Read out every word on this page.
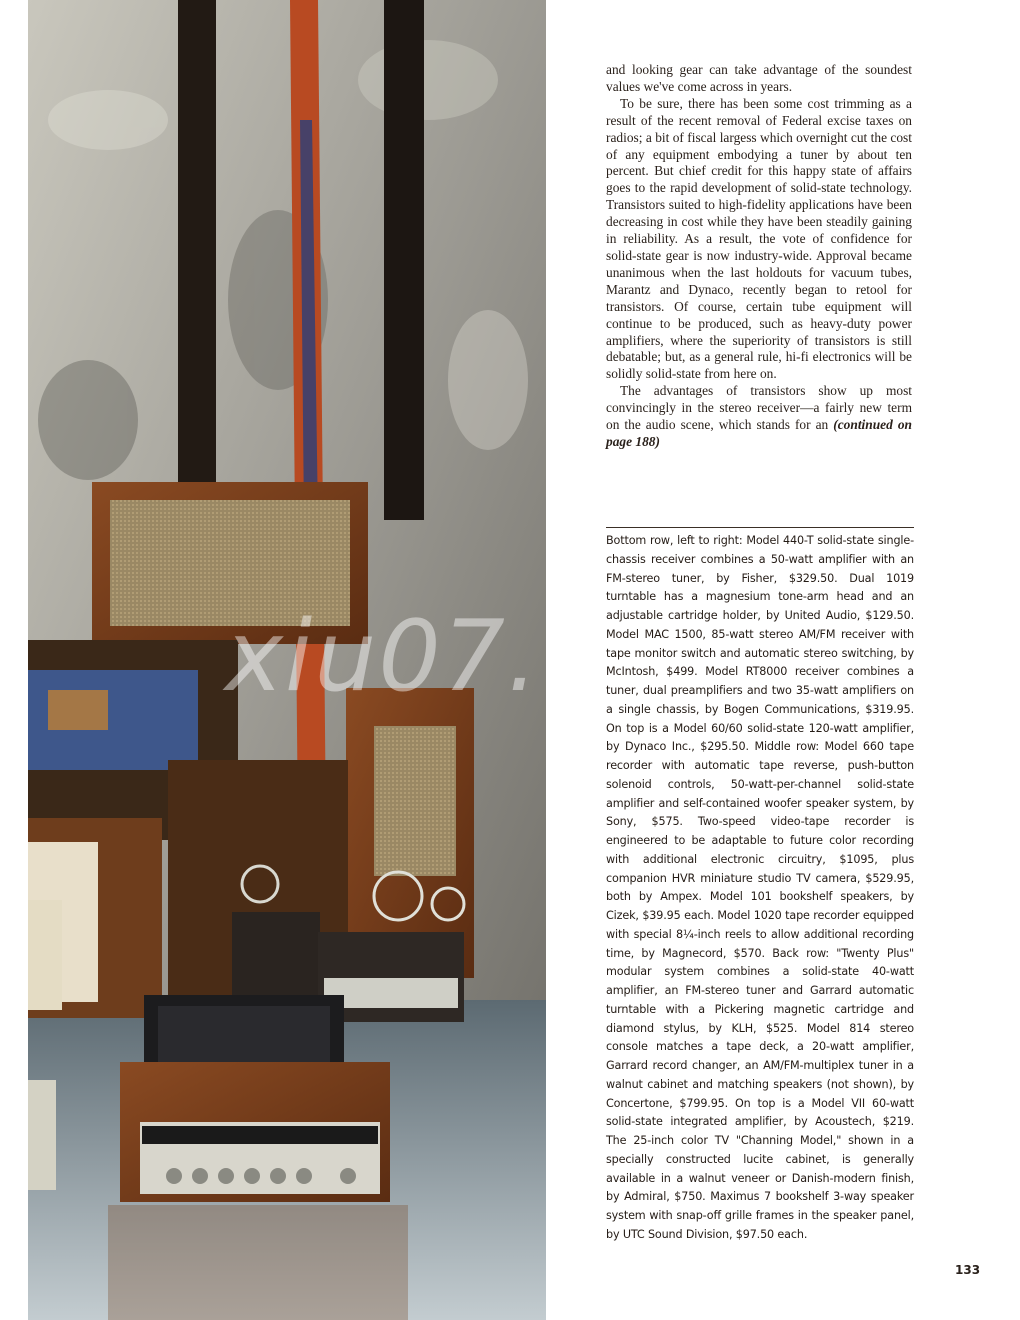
xiu07.

and looking gear can take advantage of the soundest values we've come across in years.

To be sure, there has been some cost trimming as a result of the recent removal of Federal excise taxes on radios; a bit of fiscal largess which overnight cut the cost of any equipment embodying a tuner by about ten percent. But chief credit for this happy state of affairs goes to the rapid development of solid-state technology. Transistors suited to high-fidelity applications have been decreasing in cost while they have been steadily gaining in reliability. As a result, the vote of confidence for solid-state gear is now industry-wide. Approval became unanimous when the last holdouts for vacuum tubes, Marantz and Dynaco, recently began to retool for transistors. Of course, certain tube equipment will continue to be produced, such as heavy-duty power amplifiers, where the superiority of transistors is still debatable; but, as a general rule, hi-fi electronics will be solidly solid-state from here on.

The advantages of transistors show up most convincingly in the stereo receiver—a fairly new term on the audio scene, which stands for an (continued on page 188)

Bottom row, left to right: Model 440-T solid-state single-chassis receiver combines a 50-watt amplifier with an FM-stereo tuner, by Fisher, $329.50. Dual 1019 turntable has a magnesium tone-arm head and an adjustable cartridge holder, by United Audio, $129.50. Model MAC 1500, 85-watt stereo AM/FM receiver with tape monitor switch and automatic stereo switching, by McIntosh, $499. Model RT8000 receiver combines a tuner, dual preamplifiers and two 35-watt amplifiers on a single chassis, by Bogen Communications, $319.95. On top is a Model 60/60 solid-state 120-watt amplifier, by Dynaco Inc., $295.50. Middle row: Model 660 tape recorder with automatic tape reverse, push-button solenoid controls, 50-watt-per-channel solid-state amplifier and self-contained woofer speaker system, by Sony, $575. Two-speed video-tape recorder is engineered to be adaptable to future color recording with additional electronic circuitry, $1095, plus companion HVR miniature studio TV camera, $529.95, both by Ampex. Model 101 bookshelf speakers, by Cizek, $39.95 each. Model 1020 tape recorder equipped with special 8¼-inch reels to allow additional recording time, by Magnecord, $570. Back row: "Twenty Plus" modular system combines a solid-state 40-watt amplifier, an FM-stereo tuner and Garrard automatic turntable with a Pickering magnetic cartridge and diamond stylus, by KLH, $525. Model 814 stereo console matches a tape deck, a 20-watt amplifier, Garrard record changer, an AM/FM-multiplex tuner in a walnut cabinet and matching speakers (not shown), by Concertone, $799.95. On top is a Model VII 60-watt solid-state integrated amplifier, by Acoustech, $219. The 25-inch color TV "Channing Model," shown in a specially constructed lucite cabinet, is generally available in a walnut veneer or Danish-modern finish, by Admiral, $750. Maximus 7 bookshelf 3-way speaker system with snap-off grille frames in the speaker panel, by UTC Sound Division, $97.50 each.
133
